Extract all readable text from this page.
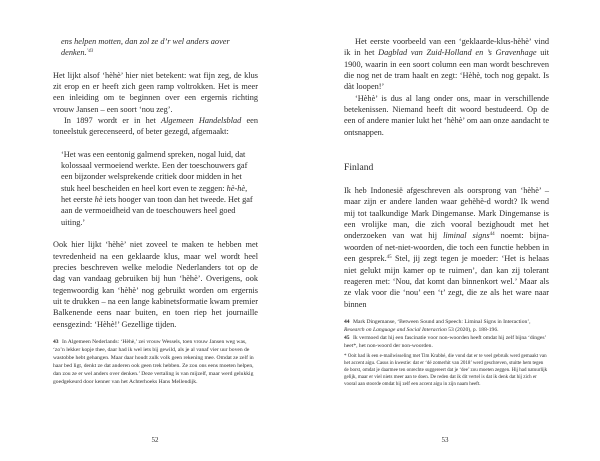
ens helpen motten, dan zol ze d’r wel anders aover denken.$^{’43}$

Het lijkt alsof ‘hèhè’ hier niet betekent: wat fijn zeg, de klus zit erop en er heeft zich geen ramp voltrokken. Het is meer een inleiding om te beginnen over een ergernis richting vrouw Jansen – een soort ‘nou zeg’.

In 1897 wordt er in het Algemeen Handelsblad een toneelstuk gerecenseerd, of beter gezegd, afgemaakt:

‘Het was een eentonig galmend spreken, nogal luid, dat kolossaal vermoeiend werkte. Een der toeschouwers gaf een bijzonder welsprekende critiek door midden in het stuk heel bescheiden en heel kort even te zeggen: hè-hè, het eerste hè iets hooger van toon dan het tweede. Het gaf aan de vermoeidheid van de toeschouwers heel goed uiting.’

Ook hier lijkt ‘hèhè’ niet zoveel te maken te hebben met tevredenheid na een geklaarde klus, maar wel wordt heel precies beschreven welke melodie Nederlanders tot op de dag van vandaag gebruiken bij hun ‘hèhè’. Overigens, ook tegenwoordig kan ‘hèhè’ nog gebruikt worden om ergernis uit te drukken – na een lange kabinetsformatie kwam premier Balkenende eens naar buiten, en toen riep het journaille eensgezind: ‘Hèhè!’ Gezellige tijden.

43 In Algemeen Nederlands: ‘Hèhè,’ zei vrouw Wessels, toen vrouw Jansen weg was, ‘zo’n lekker kopje thee, daar had ik wel iets bij gewild, als je al vanaf vier uur boven de wastobbe hebt gehangen. Maar daar houdt zulk volk geen rekening mee. Omdat ze zelf in haar bed ligt, denkt ze dat anderen ook geen trek hebben. Ze zou ons eens moeten helpen, dan zou ze er wel anders over denken.’ Deze vertaling is van mijzelf, maar werd gelukkig goedgekeurd door kenner van het Achterhoeks Hans Mellendijk.

52

Het eerste voorbeeld van een ‘geklaarde-klus-hèhè’ vind ik in het Dagblad van Zuid-Holland en ’s Gravenhage uit 1900, waarin in een soort column een man wordt beschreven die nog net de tram haalt en zegt: ‘Hèhè, toch nog gepakt. Is dàt loopen!’

‘Hèhè’ is dus al lang onder ons, maar in verschillende betekenissen. Niemand heeft dit woord bestudeerd. Op de een of andere manier lukt het ‘hèhè’ om aan onze aandacht te ontsnappen.

Finland

Ik heb Indonesië afgeschreven als oorsprong van ‘hèhè’ – maar zijn er andere landen waar gehèhè-d wordt? Ik wend mij tot taalkundige Mark Dingemanse. Mark Dingemanse is een vrolijke man, die zich vooral bezighoudt met het onderzoeken van wat hij liminal signs$^{44}$ noemt: bijna-woorden of net-niet-woorden, die toch een functie hebben in een gesprek.$^{45}$ Stel, jij zegt tegen je moeder: ‘Het is helaas niet gelukt mijn kamer op te ruimen’, dan kan zij tolerant reageren met: ‘Nou, dat komt dan binnenkort wel.’ Maar als ze vlak voor die ‘nou’ een ‘t’ zegt, die ze als het ware naar binnen

44 Mark Dingemanse, ‘Between Sound and Speech: Liminal Signs in Interaction’, Research on Language and Social Interaction 53 (2020), p. 188-196.

45 Ik vermoed dat hij een fascinatie voor non-woorden heeft omdat hij zelf bijna ‘dinges’ heet*, het non-woord der non-woorden.

* Ooit had ik een e-mailwisseling met Tim Krabbé, die vond dat er te veel gebruik werd gemaakt van het accent aigu. Casus in kwestie: dat er ‘dé zomerhit van 2018’ werd geschreven, stuitte hem tegen de borst, omdat je daarmee ten onrechte suggereert dat je ‘dee’ zou moeten zeggen. Hij had natuurlijk gelijk, maar er viel niets meer aan te doen. De reden dat ik dit vertel is dat ik denk dat hij zich er vooral aan stoorde omdat hij zelf een accent aigu in zijn naam heeft.

53
